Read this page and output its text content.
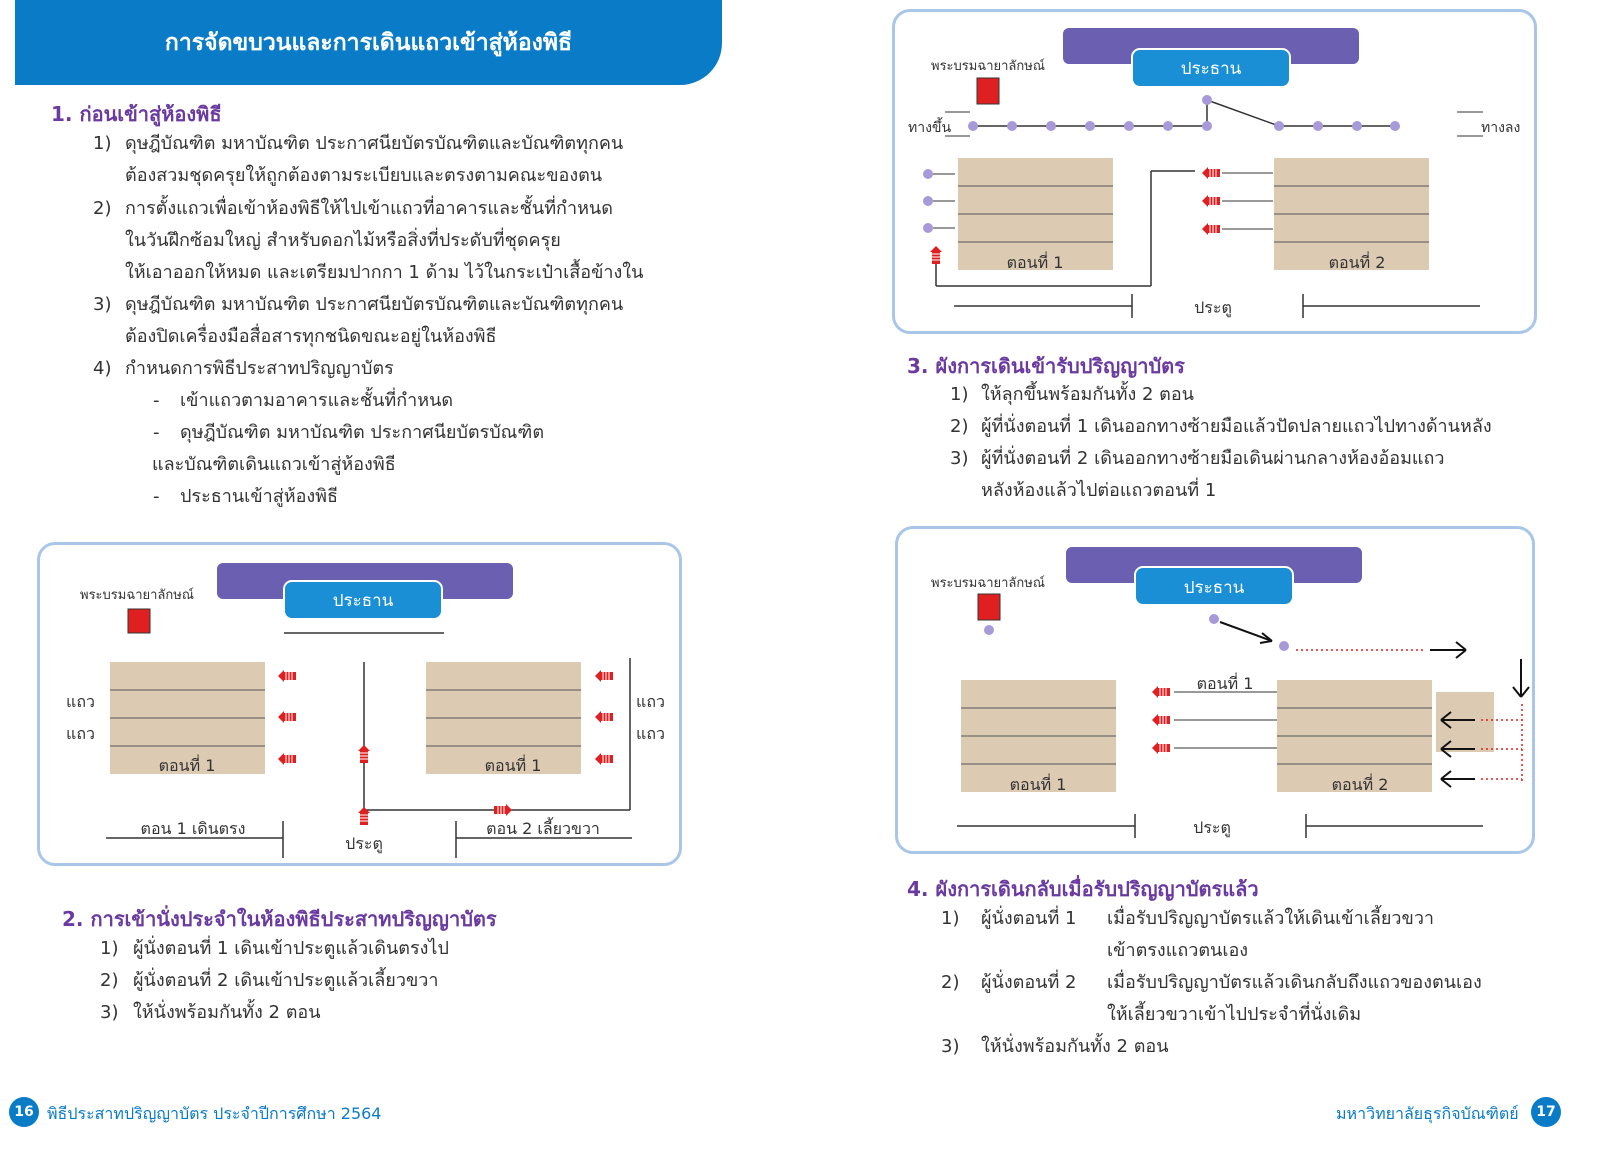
การจัดขบวนและการเดินแถวเข้าสู่ห้องพิธี
1. ก่อนเข้าสู่ห้องพิธี
1) ดุษฎีบัณฑิต มหาบัณฑิต ประกาศนียบัตรบัณฑิตและบัณฑิตทุกคน
ต้องสวมชุดครุยให้ถูกต้องตามระเบียบและตรงตามคณะของตน
2) การตั้งแถวเพื่อเข้าห้องพิธีให้ไปเข้าแถวที่อาคารและชั้นที่กำหนด
ในวันฝึกซ้อมใหญ่ สำหรับดอกไม้หรือสิ่งที่ประดับที่ชุดครุย
ให้เอาออกให้หมด และเตรียมปากกา 1 ด้าม ไว้ในกระเป๋าเสื้อข้างใน
3) ดุษฎีบัณฑิต มหาบัณฑิต ประกาศนียบัตรบัณฑิตและบัณฑิตทุกคน
ต้องปิดเครื่องมือสื่อสารทุกชนิดขณะอยู่ในห้องพิธี
4) กำหนดการพิธีประสาทปริญญาบัตร
- เข้าแถวตามอาคารและชั้นที่กำหนด
- ดุษฎีบัณฑิต มหาบัณฑิต ประกาศนียบัตรบัณฑิต
และบัณฑิตเดินแถวเข้าสู่ห้องพิธี
- ประธานเข้าสู่ห้องพิธี
พระบรมฉายาลักษณ์	ประธาน
แถว
แถว
แถว
แถว
ตอนที่ 1	ตอนที่ 1
ตอน 1 เดินตรง	ตอน 2 เลี้ยวขวา
ประตู
2. การเข้านั่งประจำในห้องพิธีประสาทปริญญาบัตร
1) ผู้นั่งตอนที่ 1 เดินเข้าประตูแล้วเดินตรงไป
2) ผู้นั่งตอนที่ 2 เดินเข้าประตูแล้วเลี้ยวขวา
3) ให้นั่งพร้อมกันทั้ง 2 ตอน
16 พิธีประสาทปริญญาบัตร ประจำปีการศึกษา 2564
พระบรมฉายาลักษณ์	ประธาน
ทางขึ้น	ทางลง
ตอนที่ 1	ตอนที่ 2
ประตู
3. ผังการเดินเข้ารับปริญญาบัตร
1) ให้ลุกขึ้นพร้อมกันทั้ง 2 ตอน
2) ผู้ที่นั่งตอนที่ 1 เดินออกทางซ้ายมือแล้วปัดปลายแถวไปทางด้านหลัง
3) ผู้ที่นั่งตอนที่ 2 เดินออกทางซ้ายมือเดินผ่านกลางห้องอ้อมแถว
หลังห้องแล้วไปต่อแถวตอนที่ 1
พระบรมฉายาลักษณ์	ประธาน
ตอนที่ 1
ตอนที่ 1	ตอนที่ 2
ประตู
4. ผังการเดินกลับเมื่อรับปริญญาบัตรแล้ว
1) ผู้นั่งตอนที่ 1 เมื่อรับปริญญาบัตรแล้วให้เดินเข้าเลี้ยวขวา
เข้าตรงแถวตนเอง
2) ผู้นั่งตอนที่ 2 เมื่อรับปริญญาบัตรแล้วเดินกลับถึงแถวของตนเอง
ให้เลี้ยวขวาเข้าไปประจำที่นั่งเดิม
3) ให้นั่งพร้อมกันทั้ง 2 ตอน
มหาวิทยาลัยธุรกิจบัณฑิตย์	17
